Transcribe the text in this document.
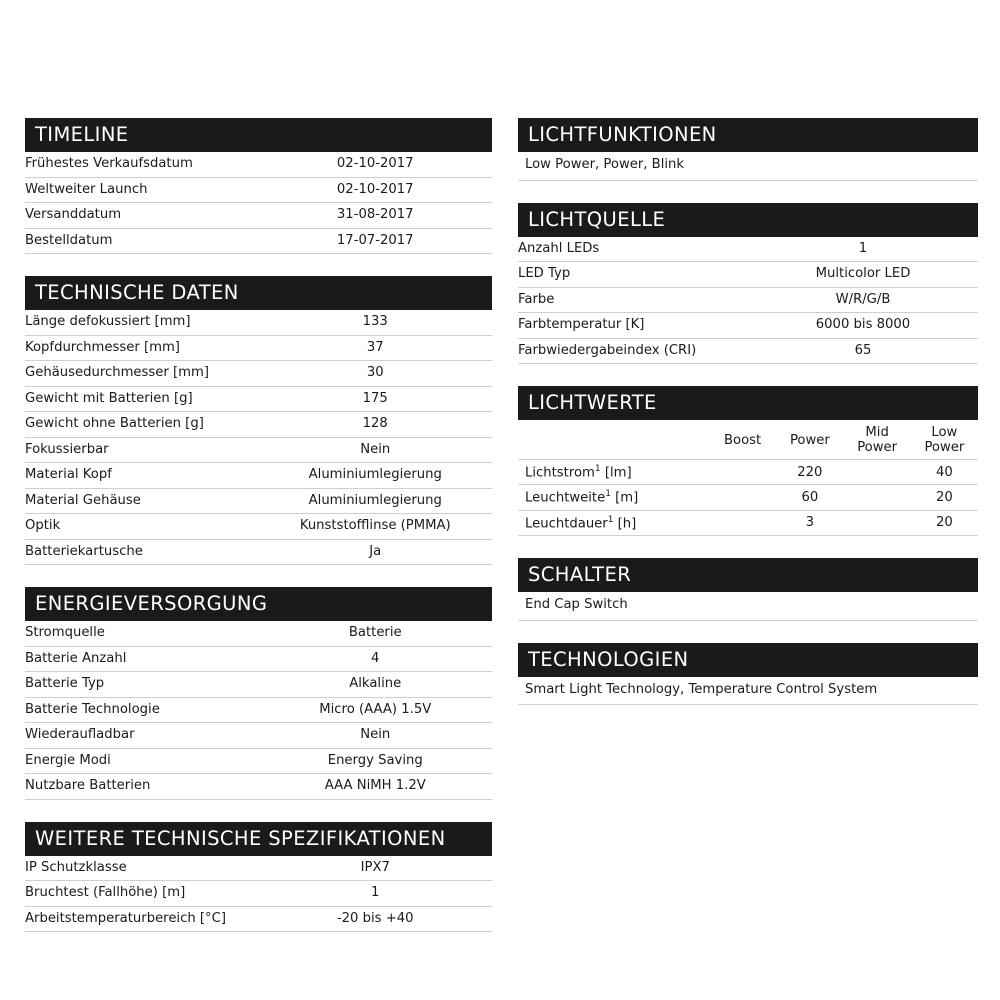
TIMELINE
Frühestes Verkaufsdatum	02-10-2017
Weltweiter Launch	02-10-2017
Versanddatum	31-08-2017
Bestelldatum	17-07-2017
TECHNISCHE DATEN
Länge defokussiert [mm]	133
Kopfdurchmesser [mm]	37
Gehäusedurchmesser [mm]	30
Gewicht mit Batterien [g]	175
Gewicht ohne Batterien [g]	128
Fokussierbar	Nein
Material Kopf	Aluminiumlegierung
Material Gehäuse	Aluminiumlegierung
Optik	Kunststofflinse (PMMA)
Batteriekartusche	Ja
ENERGIEVERSORGUNG
Stromquelle	Batterie
Batterie Anzahl	4
Batterie Typ	Alkaline
Batterie Technologie	Micro (AAA) 1.5V
Wiederaufladbar	Nein
Energie Modi	Energy Saving
Nutzbare Batterien	AAA NiMH 1.2V
WEITERE TECHNISCHE SPEZIFIKATIONEN
IP Schutzklasse	IPX7
Bruchtest (Fallhöhe) [m]	1
Arbeitstemperaturbereich [°C]	-20 bis +40
LICHTFUNKTIONEN
Low Power, Power, Blink
LICHTQUELLE
Anzahl LEDs	1
LED Typ	Multicolor LED
Farbe	W/R/G/B
Farbtemperatur [K]	6000 bis 8000
Farbwiedergabeindex (CRI)	65
LICHTWERTE
	Boost	Power	Mid Power	Low Power
Lichtstrom$^1$ [lm]		220		40
Leuchtweite$^1$ [m]		60		20
Leuchtdauer$^1$ [h]		3		20
SCHALTER
End Cap Switch
TECHNOLOGIEN
Smart Light Technology, Temperature Control System
